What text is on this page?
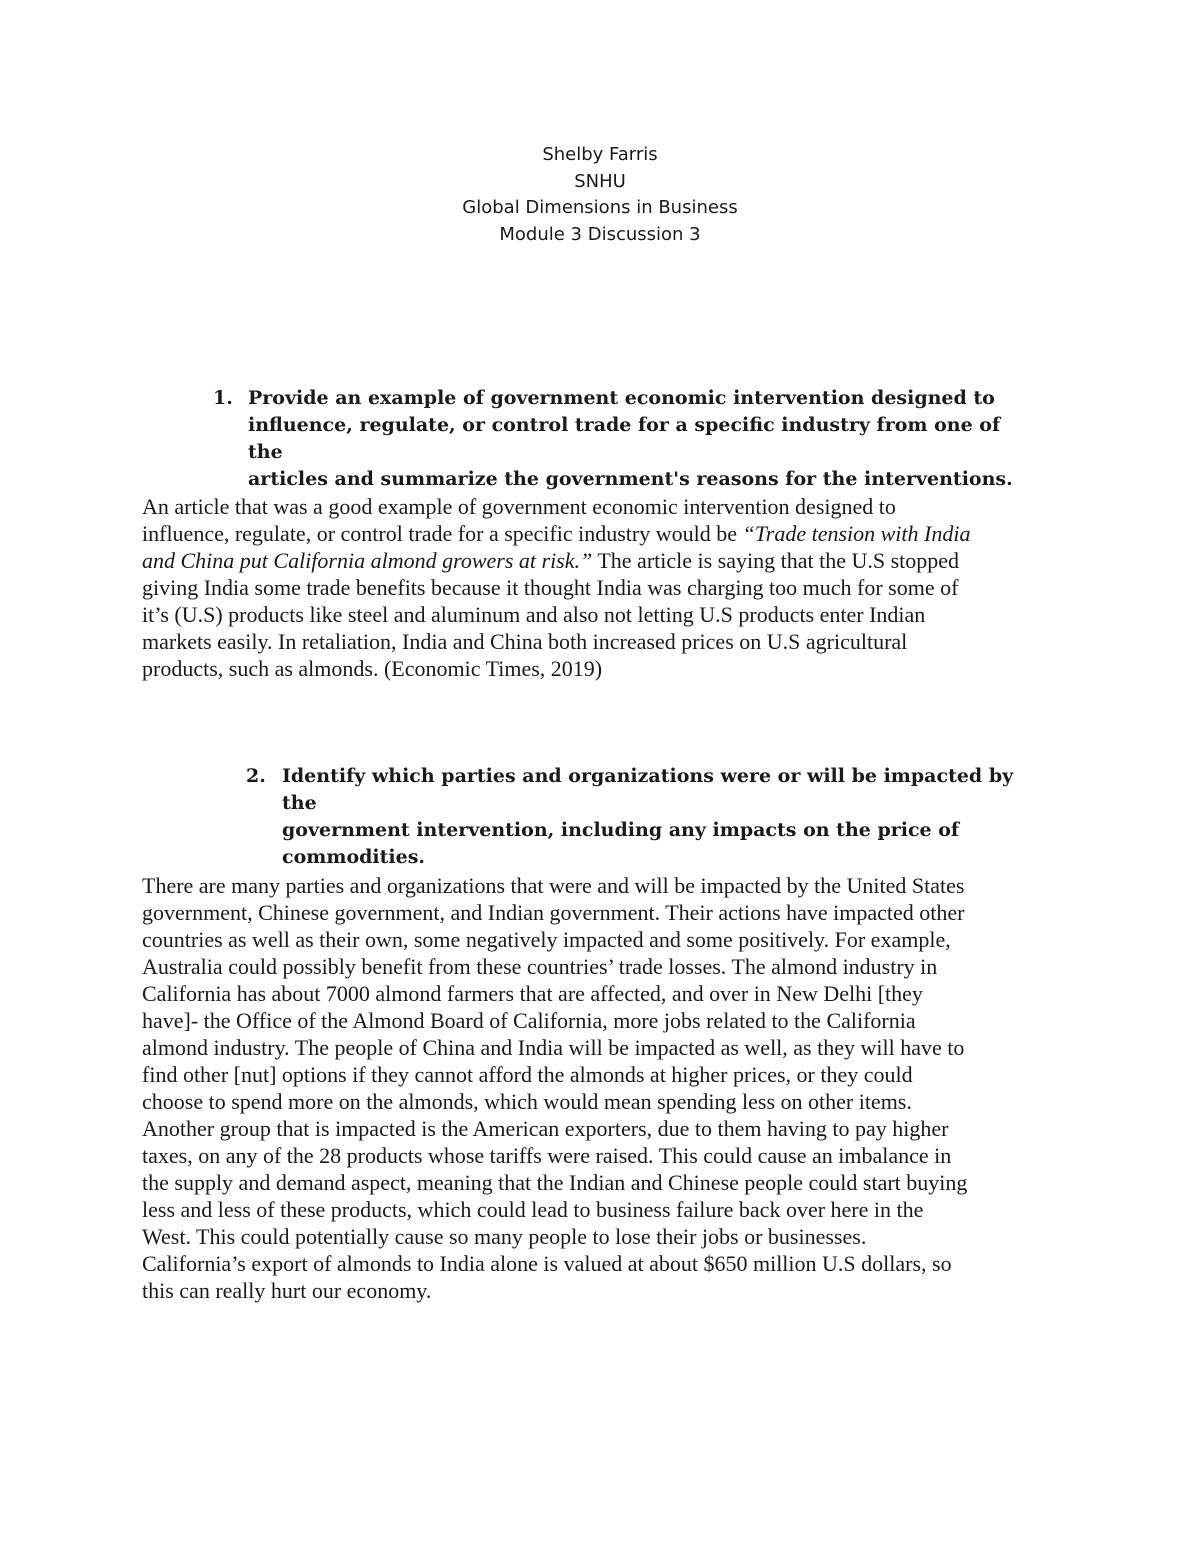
Shelby Farris
SNHU
Global Dimensions in Business
Module 3 Discussion 3
1. Provide an example of government economic intervention designed to
influence, regulate, or control trade for a specific industry from one of the
articles and summarize the government's reasons for the interventions.
An article that was a good example of government economic intervention designed to
influence, regulate, or control trade for a specific industry would be “Trade tension with India
and China put California almond growers at risk.” The article is saying that the U.S stopped
giving India some trade benefits because it thought India was charging too much for some of
it’s (U.S) products like steel and aluminum and also not letting U.S products enter Indian
markets easily. In retaliation, India and China both increased prices on U.S agricultural
products, such as almonds. (Economic Times, 2019)
2. Identify which parties and organizations were or will be impacted by the
government intervention, including any impacts on the price of
commodities.
There are many parties and organizations that were and will be impacted by the United States
government, Chinese government, and Indian government. Their actions have impacted other
countries as well as their own, some negatively impacted and some positively. For example,
Australia could possibly benefit from these countries’ trade losses. The almond industry in
California has about 7000 almond farmers that are affected, and over in New Delhi [they
have]- the Office of the Almond Board of California, more jobs related to the California
almond industry. The people of China and India will be impacted as well, as they will have to
find other [nut] options if they cannot afford the almonds at higher prices, or they could
choose to spend more on the almonds, which would mean spending less on other items.
Another group that is impacted is the American exporters, due to them having to pay higher
taxes, on any of the 28 products whose tariffs were raised. This could cause an imbalance in
the supply and demand aspect, meaning that the Indian and Chinese people could start buying
less and less of these products, which could lead to business failure back over here in the
West. This could potentially cause so many people to lose their jobs or businesses.
California’s export of almonds to India alone is valued at about $650 million U.S dollars, so
this can really hurt our economy.
